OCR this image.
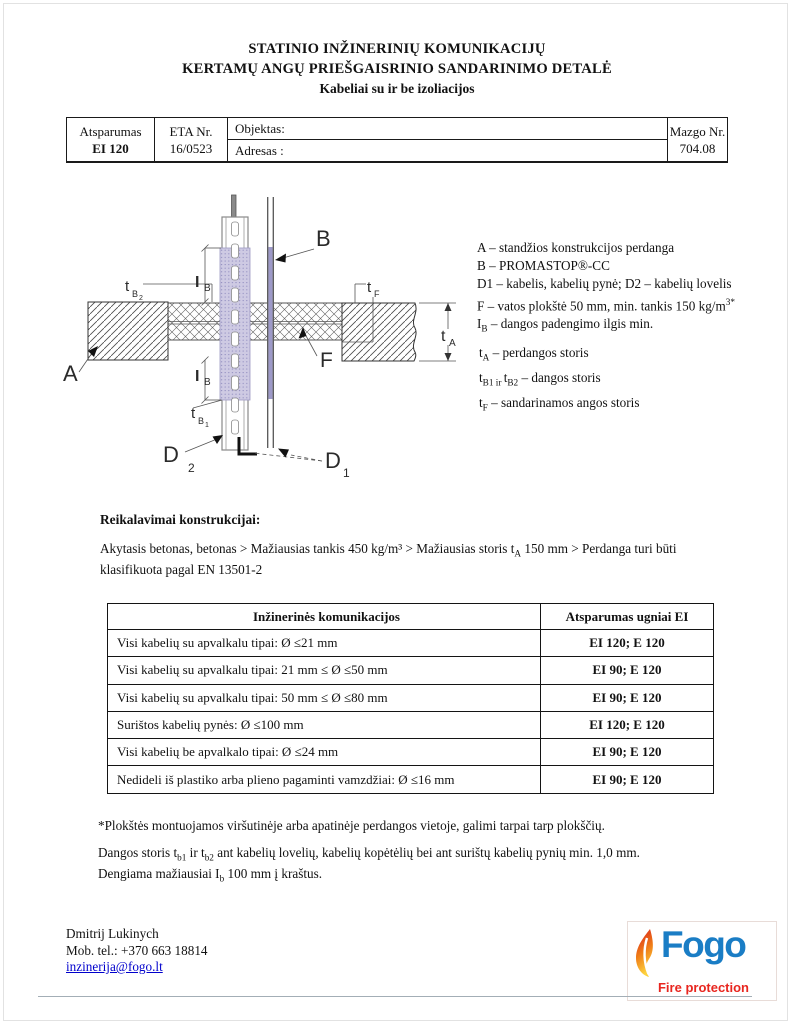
STATINIO INŽINERINIŲ KOMUNIKACIJŲ
KERTAMŲ ANGŲ PRIEŠGAISRINIO SANDARINIMO DETALĖ
Kabeliai su ir be izoliacijos
Atsparumas
EI 120
ETA Nr.
16/0523
Objektas:
Adresas :
Mazgo Nr.
704.08
A
B
F
D
2	D 1
I B
I B
t B 2
t B 1
t F
t A
A – standžios konstrukcijos perdanga
B – PROMASTOP®-CC
D1 – kabelis, kabelių pynė; D2 – kabelių lovelis
F – vatos plokštė 50 mm, min. tankis 150 $kg/m^{3*}$
$I_B$ – dangos padengimo ilgis min.
$t_A$ – perdangos storis
$t_{B1 ir}$ $t_{B2}$ – dangos storis
$t_F$ – sandarinamos angos storis
Reikalavimai konstrukcijai:
Akytasis betonas, betonas > Mažiausias tankis 450 kg/m³ > Mažiausias storis $t_A$ 150 mm > Perdanga turi būti klasifikuota pagal EN 13501-2
Inžinerinės komunikacijos	Atsparumas ugniai EI
Visi kabelių su apvalkalu tipai: Ø ≤21 mm	EI 120; E 120
Visi kabelių su apvalkalu tipai: 21 mm ≤ Ø ≤50 mm	EI 90; E 120
Visi kabelių su apvalkalu tipai: 50 mm ≤ Ø ≤80 mm	EI 90; E 120
Surištos kabelių pynės: Ø ≤100 mm	EI 120; E 120
Visi kabelių be apvalkalo tipai: Ø ≤24 mm	EI 90; E 120
Nedideli iš plastiko arba plieno pagaminti vamzdžiai: Ø ≤16 mm	EI 90; E 120
*Plokštės montuojamos viršutinėje arba apatinėje perdangos vietoje, galimi tarpai tarp plokščių.
Dangos storis $t_{b1}$ ir $t_{b2}$ ant kabelių lovelių, kabelių kopėtėlių bei ant surištų kabelių pynių min. 1,0 mm.
Dengiama mažiausiai $I_b$ 100 mm į kraštus.
Dmitrij Lukinych
Mob. tel.: +370 663 18814
inzinerija@fogo.lt
Fogo
Fire protection
